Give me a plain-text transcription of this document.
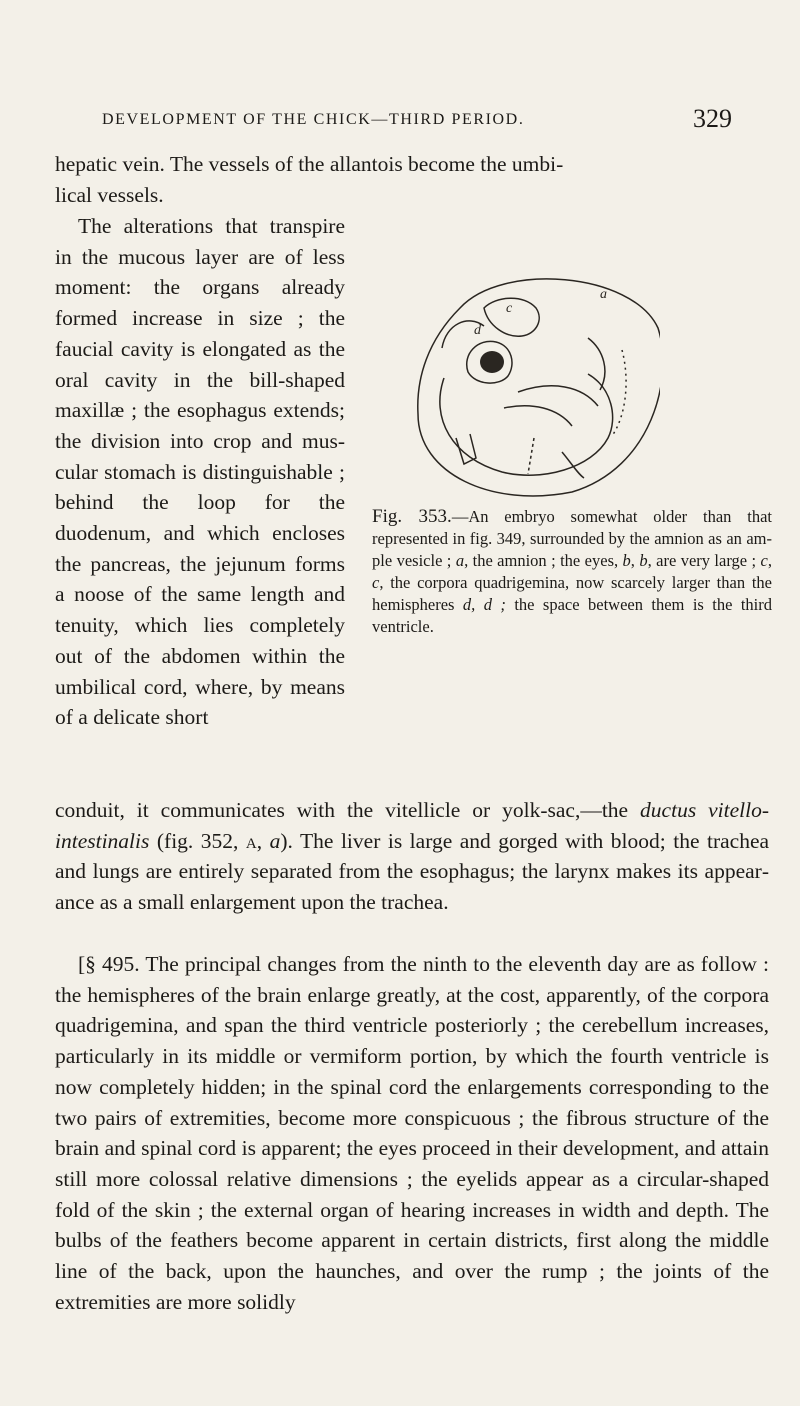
DEVELOPMENT OF THE CHICK—THIRD PERIOD.	329

hepatic vein. The vessels of the allantois become the umbi-

lical vessels.

The alterations that transpire in the mucous layer are of less moment: the organs already formed increase in size ; the faucial cavity is elongated as the oral cavity in the bill-shaped maxillæ ; the esophagus extends; the division into crop and muscular stomach is distinguishable ; behind the loop for the duodenum, and which encloses the pancreas, the jejunum forms a noose of the same length and tenuity, which lies completely out of the abdomen within the umbilical cord, where, by means of a delicate short

conduit, it communicates with the vitellicle or yolk-sac,—the ductus vitello-intestinalis (fig. 352, a, a). The liver is large and gorged with blood; the trachea and lungs are entirely separated from the esophagus; the larynx makes its appearance as a small enlargement upon the trachea.

[§ 495. The principal changes from the ninth to the eleventh day are as follow : the hemispheres of the brain enlarge greatly, at the cost, apparently, of the corpora quadrigemina, and span the third ventricle posteriorly ; the cerebellum increases, particularly in its middle or vermiform portion, by which the fourth ventricle is now completely hidden; in the spinal cord the enlargements corresponding to the two pairs of extremities, become more conspicuous ; the fibrous structure of the brain and spinal cord is apparent; the eyes proceed in their development, and attain still more colossal relative dimensions ; the eyelids appear as a circular-shaped fold of the skin ; the external organ of hearing increases in width and depth. The bulbs of the feathers become apparent in certain districts, first along the middle line of the back, upon the haunches, and over the rump ; the joints of the extremities are more solidly

a
c
d

Fig. 353.—An embryo somewhat older than that represented in fig. 349, surrounded by the amnion as an ample vesicle ; a, the amnion ; the eyes, b, b, are very large ; c, c, the corpora quadrigemina, now scarcely larger than the hemispheres d, d ; the space between them is the third ventricle.
